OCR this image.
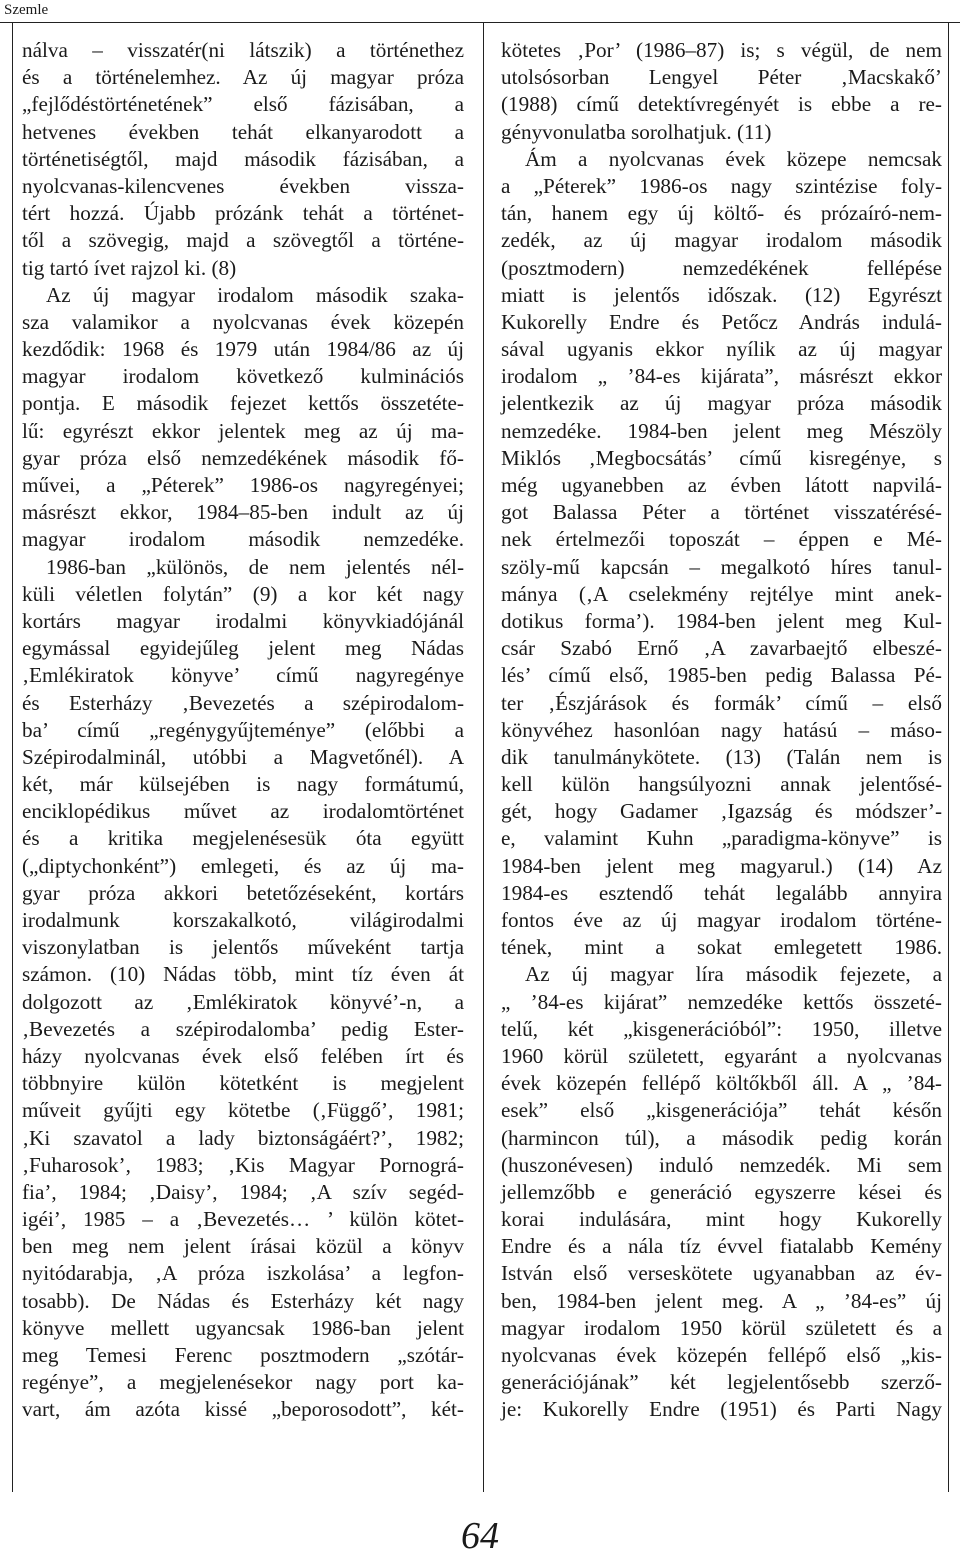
Szemle
nálva – visszatér(ni látszik) a történethez
és a történelemhez. Az új magyar próza
„fejlődéstörténetének” első fázisában, a
hetvenes években tehát elkanyarodott a
történetiségtől, majd második fázisában, a
nyolcvanas-kilencvenes években vissza-
tért hozzá. Újabb prózánk tehát a történet-
től a szövegig, majd a szövegtől a történe-
tig tartó ívet rajzol ki. (8)
Az új magyar irodalom második szaka-
sza valamikor a nyolcvanas évek közepén
kezdődik: 1968 és 1979 után 1984/86 az új
magyar irodalom következő kulminációs
pontja. E második fejezet kettős összetéte-
lű: egyrészt ekkor jelentek meg az új ma-
gyar próza első nemzedékének második fő-
művei, a „Péterek” 1986-os nagyregényei;
másrészt ekkor, 1984–85-ben indult az új
magyar irodalom második nemzedéke.
1986-ban „különös, de nem jelentés nél-
küli véletlen folytán” (9) a kor két nagy
kortárs magyar irodalmi könyvkiadójánál
egymással egyidejűleg jelent meg Nádas
‚Emlékiratok könyve’ című nagyregénye
és Esterházy ‚Bevezetés a szépirodalom-
ba’ című „regénygyűjteménye” (előbbi a
Szépirodalminál, utóbbi a Magvetőnél). A
két, már külsejében is nagy formátumú,
enciklopédikus művet az irodalomtörténet
és a kritika megjelenésesük óta együtt
(„diptychonként”) emlegeti, és az új ma-
gyar próza akkori betetőzéseként, kortárs
irodalmunk korszakalkotó, világirodalmi
viszonylatban is jelentős műveként tartja
számon. (10) Nádas több, mint tíz éven át
dolgozott az ‚Emlékiratok könyvé’-n, a
‚Bevezetés a szépirodalomba’ pedig Ester-
házy nyolcvanas évek első felében írt és
többnyire külön kötetként is megjelent
műveit gyűjti egy kötetbe (‚Függő’, 1981;
‚Ki szavatol a lady biztonságáért?’, 1982;
‚Fuharosok’, 1983; ‚Kis Magyar Pornográ-
fia’, 1984; ‚Daisy’, 1984; ‚A szív segéd-
igéi’, 1985 – a ‚Bevezetés… ’ külön kötet-
ben meg nem jelent írásai közül a könyv
nyitódarabja, ‚A próza iszkolása’ a legfon-
tosabb). De Nádas és Esterházy két nagy
könyve mellett ugyancsak 1986-ban jelent
meg Temesi Ferenc posztmodern „szótár-
regénye”, a megjelenésekor nagy port ka-
vart, ám azóta kissé „beporosodott”, két-
kötetes ‚Por’ (1986–87) is; s végül, de nem
utolsósorban Lengyel Péter ‚Macskakő’
(1988) című detektívregényét is ebbe a re-
gényvonulatba sorolhatjuk. (11)
Ám a nyolcvanas évek közepe nemcsak
a „Péterek” 1986-os nagy szintézise foly-
tán, hanem egy új költő- és prózaíró-nem-
zedék, az új magyar irodalom második
(posztmodern) nemzedékének fellépése
miatt is jelentős időszak. (12) Egyrészt
Kukorelly Endre és Petőcz András indulá-
sával ugyanis ekkor nyílik az új magyar
irodalom „ ’84-es kijárata”, másrészt ekkor
jelentkezik az új magyar próza második
nemzedéke. 1984-ben jelent meg Mészöly
Miklós ‚Megbocsátás’ című kisregénye, s
még ugyanebben az évben látott napvilá-
got Balassa Péter a történet visszatérésé-
nek értelmezői toposzát – éppen e Mé-
szöly-mű kapcsán – megalkotó híres tanul-
mánya (‚A cselekmény rejtélye mint anek-
dotikus forma’). 1984-ben jelent meg Kul-
csár Szabó Ernő ‚A zavarbaejtő elbeszé-
lés’ című első, 1985-ben pedig Balassa Pé-
ter ‚Észjárások és formák’ című – első
könyvéhez hasonlóan nagy hatású – máso-
dik tanulmánykötete. (13) (Talán nem is
kell külön hangsúlyozni annak jelentősé-
gét, hogy Gadamer ‚Igazság és módszer’-
e, valamint Kuhn „paradigma-könyve” is
1984-ben jelent meg magyarul.) (14) Az
1984-es esztendő tehát legalább annyira
fontos éve az új magyar irodalom történe-
tének, mint a sokat emlegetett 1986.
Az új magyar líra második fejezete, a
„ ’84-es kijárat” nemzedéke kettős összeté-
telű, két „kisgenerációból”: 1950, illetve
1960 körül született, egyaránt a nyolcvanas
évek közepén fellépő költőkből áll. A „ ’84-
esek” első „kisgenerációja” tehát későn
(harmincon túl), a második pedig korán
(huszonévesen) induló nemzedék. Mi sem
jellemzőbb e generáció egyszerre kései és
korai indulására, mint hogy Kukorelly
Endre és a nála tíz évvel fiatalabb Kemény
István első verseskötete ugyanabban az év-
ben, 1984-ben jelent meg. A „ ’84-es” új
magyar irodalom 1950 körül született és a
nyolcvanas évek közepén fellépő első „kis-
generációjának” két legjelentősebb szerző-
je: Kukorelly Endre (1951) és Parti Nagy
64
